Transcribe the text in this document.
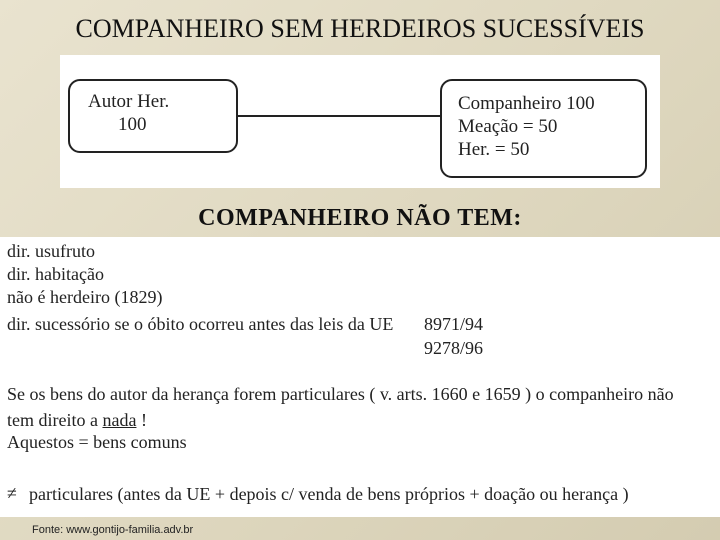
COMPANHEIRO SEM HERDEIROS SUCESSÍVEIS
Autor Her.
100
Companheiro 100
Meação = 50
Her. = 50
COMPANHEIRO NÃO TEM:
dir. usufruto
dir. habitação
não é herdeiro (1829)
dir. sucessório se o óbito ocorreu antes das leis da UE 8971/94
9278/96
Se os bens do autor da herança forem particulares ( v. arts. 1660 e 1659 ) o companheiro não
tem direito a nada !
Aquestos = bens comuns
≠ particulares (antes da UE + depois c/ venda de bens próprios + doação ou herança )
Fonte: www.gontijo-familia.adv.br
